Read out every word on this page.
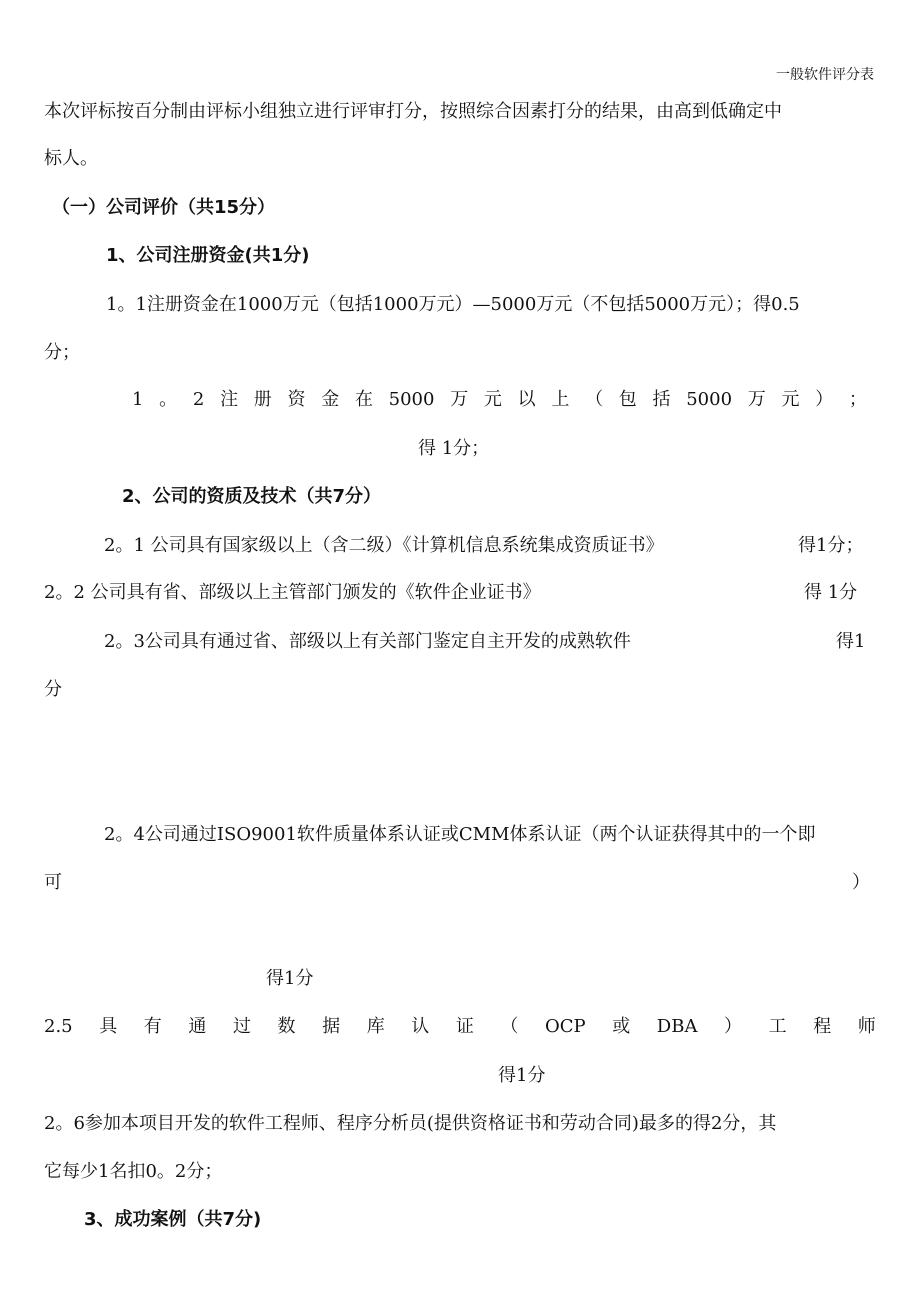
一般软件评分表
本次评标按百分制由评标小组独立进行评审打分，按照综合因素打分的结果，由高到低确定中
标人。
（一）公司评价（共15分）
1、公司注册资金(共1分)
1。1注册资金在1000万元（包括1000万元）—5000万元（不包括5000万元）；得0.5
分；
1 。 2 注 册 资 金 在 5000 万 元 以 上 （ 包 括 5000 万 元 ） ；
得 1分；
2、公司的资质及技术（共7分）
2。1 公司具有国家级以上（含二级）《计算机信息系统集成资质证书》	得1分；
2。2 公司具有省、部级以上主管部门颁发的《软件企业证书》	得 1分
2。3公司具有通过省、部级以上有关部门鉴定自主开发的成熟软件	得1
分
2。4公司通过ISO9001软件质量体系认证或CMM体系认证（两个认证获得其中的一个即
可	）
得1分
2.5 具 有 通 过 数 据 库 认 证 （ OCP 或 DBA ） 工 程 师
得1分
2。6参加本项目开发的软件工程师、程序分析员(提供资格证书和劳动合同)最多的得2分，其
它每少1名扣0。2分；
3、成功案例（共7分)
